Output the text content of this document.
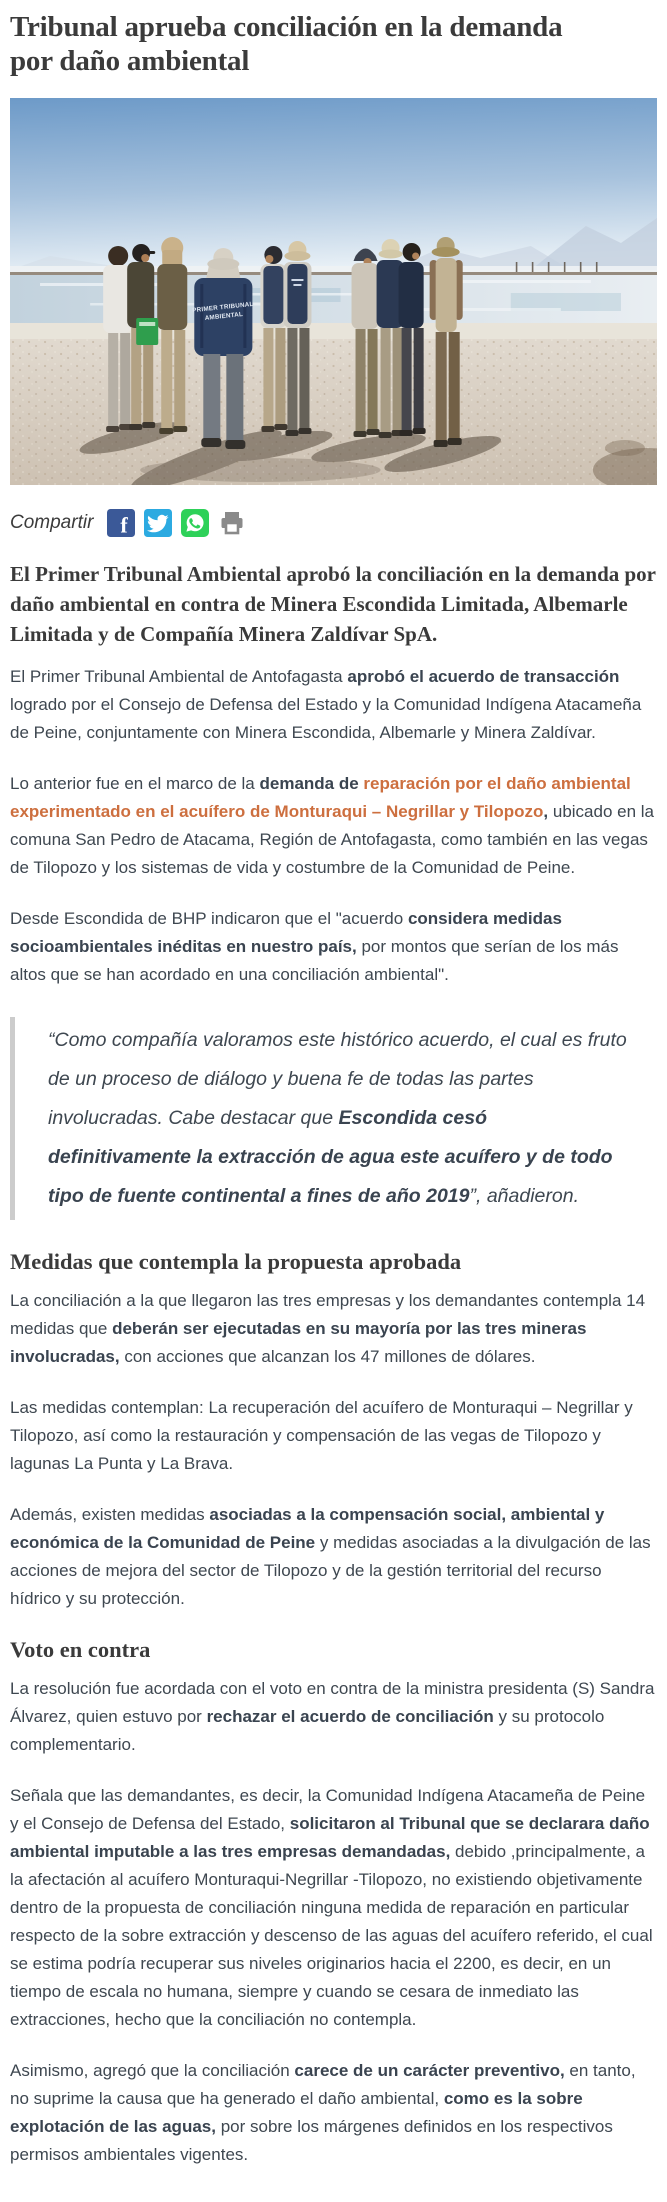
Tribunal aprueba conciliación en la demanda por daño ambiental
PRIMER TRIBUNAL
AMBIENTAL
Compartir f

El Primer Tribunal Ambiental aprobó la conciliación en la demanda por daño ambiental en contra de Minera Escondida Limitada, Albemarle Limitada y de Compañía Minera Zaldívar SpA.

El Primer Tribunal Ambiental de Antofagasta aprobó el acuerdo de transacción logrado por el Consejo de Defensa del Estado y la Comunidad Indígena Atacameña de Peine, conjuntamente con Minera Escondida, Albemarle y Minera Zaldívar.

Lo anterior fue en el marco de la demanda de reparación por el daño ambiental experimentado en el acuífero de Monturaqui – Negrillar y Tilopozo, ubicado en la comuna San Pedro de Atacama, Región de Antofagasta, como también en las vegas de Tilopozo y los sistemas de vida y costumbre de la Comunidad de Peine.

Desde Escondida de BHP indicaron que el "acuerdo considera medidas socioambientales inéditas en nuestro país, por montos que serían de los más altos que se han acordado en una conciliación ambiental".

“Como compañía valoramos este histórico acuerdo, el cual es fruto de un proceso de diálogo y buena fe de todas las partes involucradas. Cabe destacar que Escondida cesó definitivamente la extracción de agua este acuífero y de todo tipo de fuente continental a fines de año 2019”, añadieron.
Medidas que contempla la propuesta aprobada

La conciliación a la que llegaron las tres empresas y los demandantes contempla 14 medidas que deberán ser ejecutadas en su mayoría por las tres mineras involucradas, con acciones que alcanzan los 47 millones de dólares.

Las medidas contemplan: La recuperación del acuífero de Monturaqui – Negrillar y Tilopozo, así como la restauración y compensación de las vegas de Tilopozo y lagunas La Punta y La Brava.

Además, existen medidas asociadas a la compensación social, ambiental y económica de la Comunidad de Peine y medidas asociadas a la divulgación de las acciones de mejora del sector de Tilopozo y de la gestión territorial del recurso hídrico y su protección.

Voto en contra

La resolución fue acordada con el voto en contra de la ministra presidenta (S) Sandra Álvarez, quien estuvo por rechazar el acuerdo de conciliación y su protocolo complementario.

Señala que las demandantes, es decir, la Comunidad Indígena Atacameña de Peine y el Consejo de Defensa del Estado, solicitaron al Tribunal que se declarara daño ambiental imputable a las tres empresas demandadas, debido ,principalmente, a la afectación al acuífero Monturaqui-Negrillar -Tilopozo, no existiendo objetivamente dentro de la propuesta de conciliación ninguna medida de reparación en particular respecto de la sobre extracción y descenso de las aguas del acuífero referido, el cual se estima podría recuperar sus niveles originarios hacia el 2200, es decir, en un tiempo de escala no humana, siempre y cuando se cesara de inmediato las extracciones, hecho que la conciliación no contempla.

Asimismo, agregó que la conciliación carece de un carácter preventivo, en tanto, no suprime la causa que ha generado el daño ambiental, como es la sobre explotación de las aguas, por sobre los márgenes definidos en los respectivos permisos ambientales vigentes.
